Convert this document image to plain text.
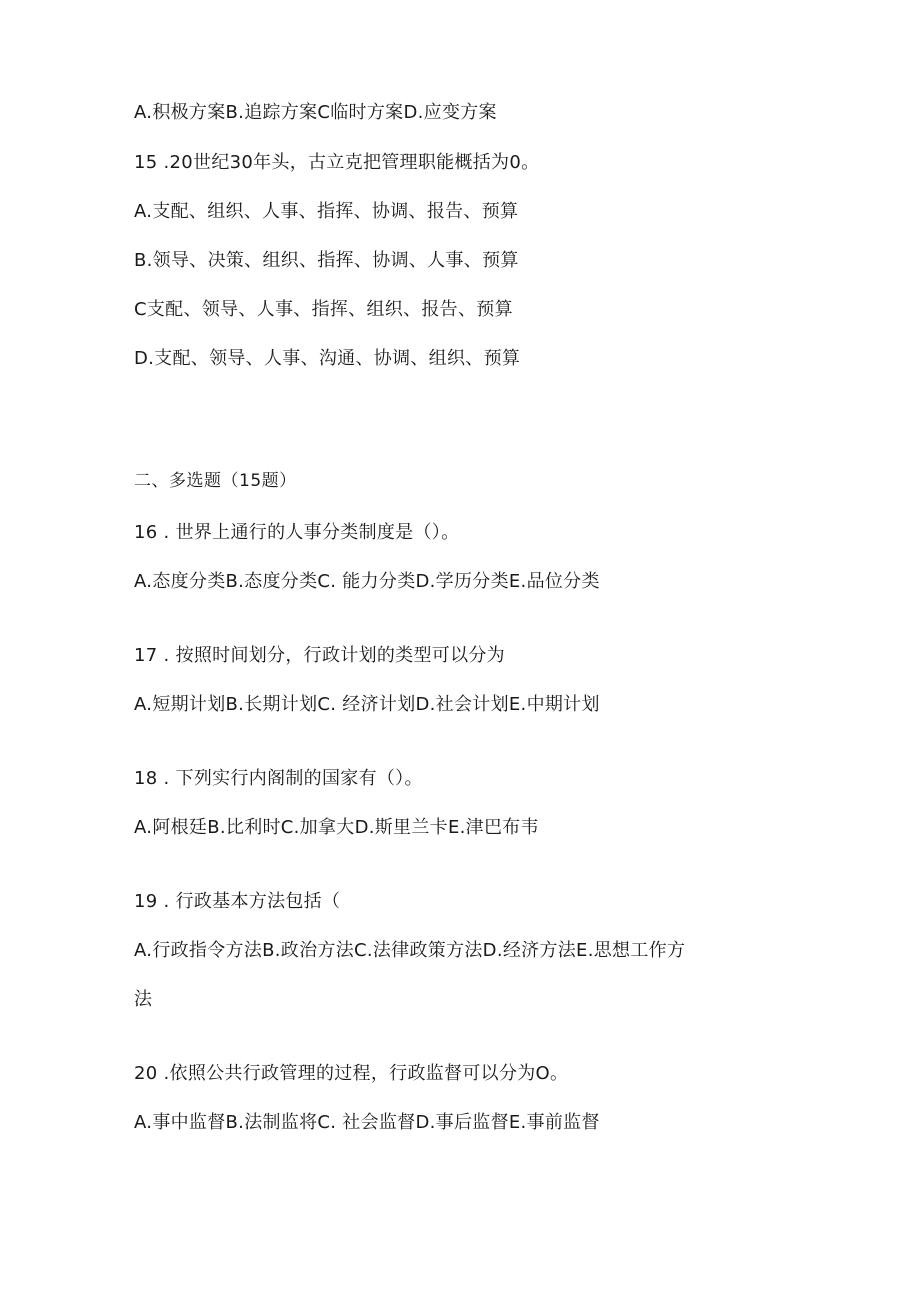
A.积极方案B.追踪方案C临时方案D.应变方案
15 .20世纪30年头，古立克把管理职能概括为0。
A.支配、组织、人事、指挥、协调、报告、预算
B.领导、决策、组织、指挥、协调、人事、预算
C支配、领导、人事、指挥、组织、报告、预算
D.支配、领导、人事、沟通、协调、组织、预算
二、多选题（15题）
16 . 世界上通行的人事分类制度是（）。
A.态度分类B.态度分类C. 能力分类D.学历分类E.品位分类
17 . 按照时间划分，行政计划的类型可以分为
A.短期计划B.长期计划C. 经济计划D.社会计划E.中期计划
18 . 下列实行内阁制的国家有（）。
A.阿根廷B.比利时C.加拿大D.斯里兰卡E.津巴布韦
19 . 行政基本方法包括（
A.行政指令方法B.政治方法C.法律政策方法D.经济方法E.思想工作方
法
20 .依照公共行政管理的过程，行政监督可以分为O。
A.事中监督B.法制监将C. 社会监督D.事后监督E.事前监督
